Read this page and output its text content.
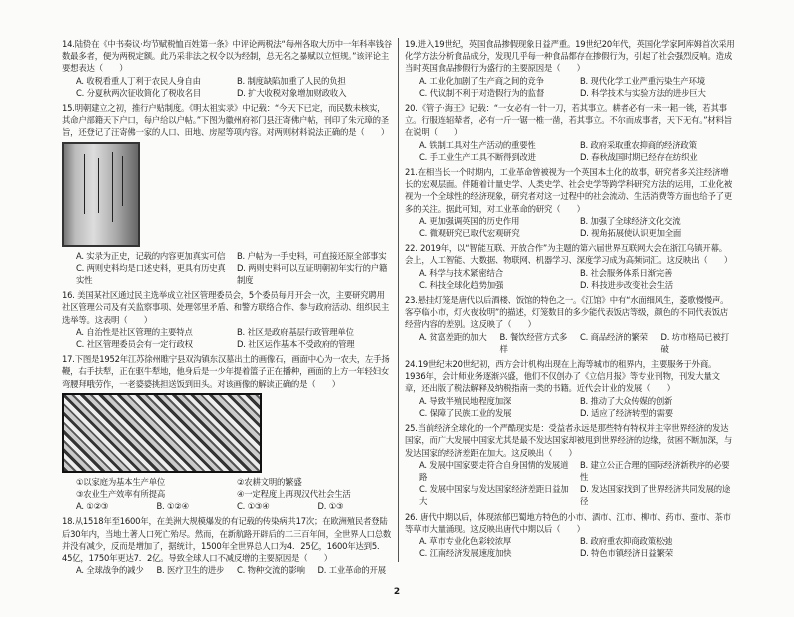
14.陆贽在《中书奏议·均节赋税恤百姓第一条》中评论两税法“每州各取大历中一年科率钱谷数最多者，便为两税定额。此乃采非法之权令以为经制，总无名之暴赋以立恒规。”该评论主要想表达（　　）

A. 收税看重人丁利于农民人身自由	B. 制度缺陷加重了人民的负担
C. 分夏秋两次征收简化了税收名目	D. 扩大收税对象增加财政收入

15.明朝建立之初，推行户贴制度。《明太祖实录》中记载：“今天下已定，而民数未核实，其命户部籍天下户口，每户给以户帖。”下图为徽州府祁门县汪寄佛户帖，刊印了朱元璋的圣旨，还登记了汪寄佛一家的人口、田地、房屋等项内容。对两则材料说法正确的是（　　）

A. 实录为正史，记载的内容更加真实可信	B. 户帖为一手史料，可直接还原全部事实
C. 两则史料均是口述史料，更具有历史真实性
D. 两则史料可以互证明朝初年实行的户籍制度

16. 美国某社区通过民主选举成立社区管理委员会，5个委员每月开会一次，主要研究聘用社区管理公司及有关监察事项、处理邻里矛盾、和警方联络合作、参与政府活动、组织民主选举等。这表明（　　）

A. 自治性是社区管理的主要特点	B. 社区是政府基层行政管理单位
C. 社区管理委员会有一定行政权	D. 社区运作基本不受政府的管理

17.下图是1952年江苏徐州睢宁县双沟镇东汉墓出土的画像石，画面中心为一农夫，左手扬鞭，右手扶犁，正在驱牛犁地，他身后是一少年提着篮子正在播种，画面的上方一年轻妇女弯腰拜哦劳作，一老婆婆挑担送饭到田头。对该画像的解读正确的是（　　）

①以家庭为基本生产单位	②农耕文明的繁盛
③农业生产效率有所提高	④一定程度上再现汉代社会生活
A. ①②③	B. ①②④	C. ①③④	D. ①③

18.从1518年至1600年，在美洲大规模爆发的有记载的传染病共17次；在欧洲殖民者登陆后30年内，当地土著人口死亡殆尽。然而，在新航路开辟后的二三百年间，全世界人口总数并没有减少，反而是增加了，据统计，1500年全世界总人口为4．25亿，1600年达到5．45亿，1750年更达7．2亿。导致全球人口不减反增的主要原因是（　　）

A. 全球战争的减少	B. 医疗卫生的进步	C. 物种交流的影响	D. 工业革命的开展

19.进入19世纪，英国食品掺假现象日益严重。19世纪20年代，英国化学家阿库姆首次采用化学方法分析食品成分，发现几乎每一种食品都存在掺假行为，引起了社会强烈反响。造成当时英国食品掺假行为盛行的主要原因是（　　）

A. 工业化加剧了生产商之间的竞争	B. 现代化学工业严重污染生产环境
C. 代议制不利于对造假行为的监督	D. 科学技术与实验方法的进步巨大

20.《管子·海王》记载：“一女必有一针一刀，若其事立。耕者必有一耒一耜一铫，若其事立。行服连轺辇者，必有一斤一锯一椎一凿，若其事立。不尔而成事者，天下无有。”材料旨在说明（　　）

A. 铁制工具对生产活动的重要性	B. 政府采取重农抑商的经济政策
C. 手工业生产工具不断得到改进	D. 春秋战国时期已经存在纺织业

21.在相当长一个时期内，工业革命曾被视为一个英国本土化的故事，研究者多关注经济增长的宏观层面。伴随着计量史学、人类史学、社会史学等跨学科研究方法的运用，工业化被视为一个全球性的经济现象，研究者对这一过程中的社会流动、生活消费等方面也给予了更多的关注。据此可知，对工业革命的研究（　　）

A. 更加强调英国的历史作用	B. 加强了全球经济文化交流
C. 微观研究已取代宏观研究	D. 视角拓展使认识更加全面

22. 2019年，以“智能互联、开放合作”为主题的第六届世界互联网大会在浙江乌镇开幕。会上，人工智能、大数据、物联网、机器学习、深度学习成为高频词汇。这反映出（　　）

A. 科学与技术紧密结合	B. 社会服务体系日渐完善
C. 科技全球化趋势加强	D. 科技进步改变社会生活

23.悬挂灯笼是唐代以后酒楼、饭馆的特色之一。《江馆》中有“水面细风生，菱歌慢慢声。客亭临小市，灯火夜妆明”的描述，灯笼数目的多少能代表饭店等级，颜色的不同代表饭店经营内容的差别。这反映了（　　）

A. 贫富差距的加大	B. 餐饮经营方式多样
C. 商品经济的繁荣	D. 坊市格局已被打破

24.19世纪末20世纪初，西方会计机构出现在上海等城市的租界内，主要服务于外商。1936年，会计师业务逐渐兴盛，他们不仅创办了《立信月报》等专业刊物，刊发大量文章，还出版了税法解释及纳税指南一类的书籍。近代会计业的发展（　　）

A. 导致半殖民地程度加深	B. 推动了大众传媒的创新
C. 保障了民族工业的发展	D. 适应了经济转型的需要

25.当前经济全球化的一个严酷现实是：受益者永远是那些特有特权并主宰世界经济的发达国家，而广大发展中国家尤其是最不发达国家却被甩到世界经济的边缘，贫困不断加深，与发达国家的经济差距在加大。这反映出（　　）

A. 发展中国家要走符合自身国情的发展道路
B. 建立公正合理的国际经济新秩序的必要性
C. 发展中国家与发达国家经济差距日益加大
D. 发达国家找到了世界经济共同发展的途径

26. 唐代中期以后，体现浓郁巴蜀地方特色的小市、酒市、江市、柳市、药市、蚕市、茶市等草市大量涌现。这反映出唐代中期以后（　　）

A. 草市专业化色彩较浓厚	B. 政府重农抑商政策松弛
C. 江南经济发展速度加快	D. 特色市镇经济日益繁荣
2
